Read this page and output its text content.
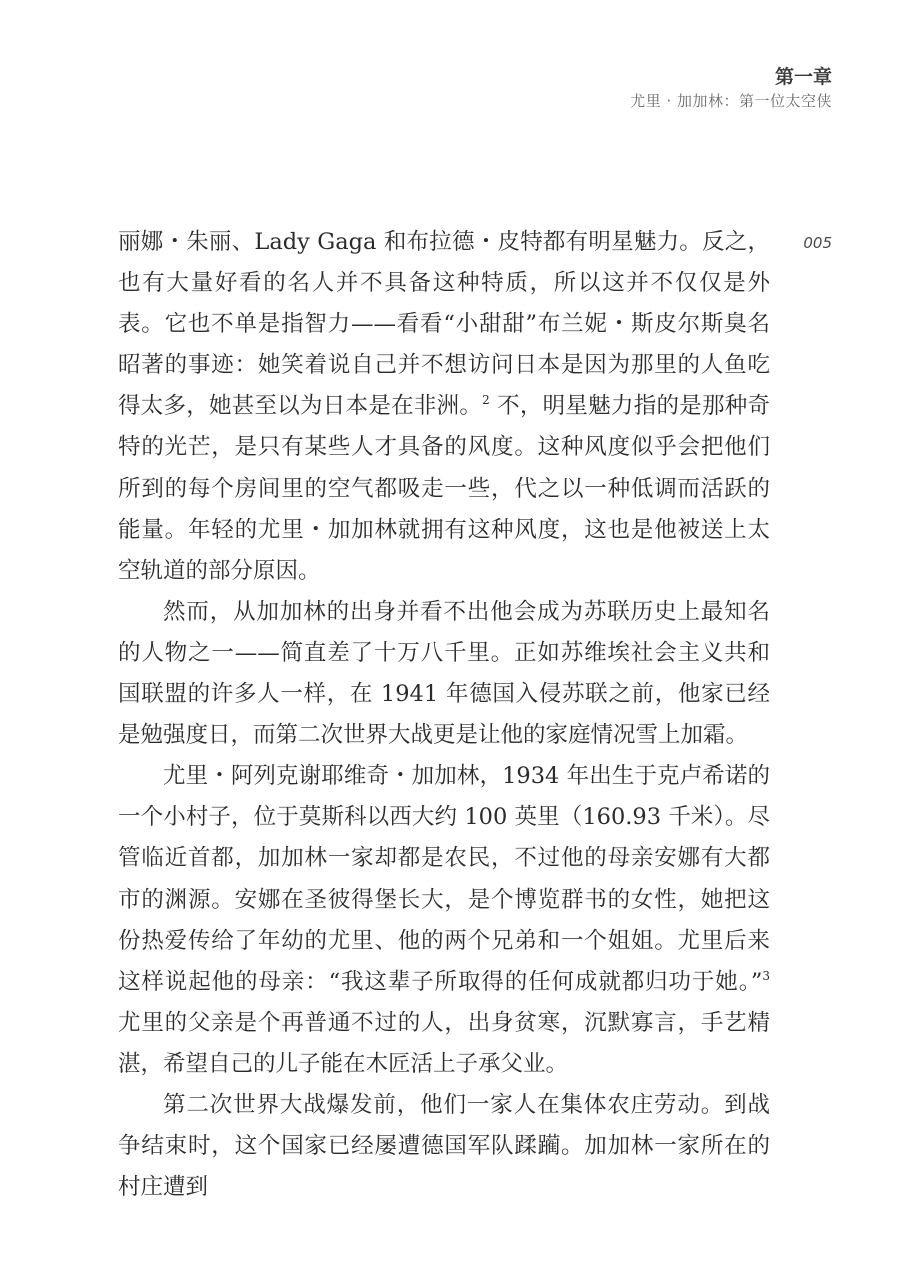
第一章
尤里 · 加加林：第一位太空侠
005

丽娜・朱丽、Lady Gaga 和布拉德・皮特都有明星魅力。反之，也有大量好看的名人并不具备这种特质，所以这并不仅仅是外表。它也不单是指智力——看看“小甜甜”布兰妮・斯皮尔斯臭名昭著的事迹：她笑着说自己并不想访问日本是因为那里的人鱼吃得太多，她甚至以为日本是在非洲。$^2$ 不，明星魅力指的是那种奇特的光芒，是只有某些人才具备的风度。这种风度似乎会把他们所到的每个房间里的空气都吸走一些，代之以一种低调而活跃的能量。年轻的尤里・加加林就拥有这种风度，这也是他被送上太空轨道的部分原因。

然而，从加加林的出身并看不出他会成为苏联历史上最知名的人物之一——简直差了十万八千里。正如苏维埃社会主义共和国联盟的许多人一样，在 1941 年德国入侵苏联之前，他家已经是勉强度日，而第二次世界大战更是让他的家庭情况雪上加霜。

尤里・阿列克谢耶维奇・加加林，1934 年出生于克卢希诺的一个小村子，位于莫斯科以西大约 100 英里（160.93 千米）。尽管临近首都，加加林一家却都是农民，不过他的母亲安娜有大都市的渊源。安娜在圣彼得堡长大，是个博览群书的女性，她把这份热爱传给了年幼的尤里、他的两个兄弟和一个姐姐。尤里后来这样说起他的母亲：“我这辈子所取得的任何成就都归功于她。”$^3$ 尤里的父亲是个再普通不过的人，出身贫寒，沉默寡言，手艺精湛，希望自己的儿子能在木匠活上子承父业。

第二次世界大战爆发前，他们一家人在集体农庄劳动。到战争结束时，这个国家已经屡遭德国军队蹂躏。加加林一家所在的村庄遭到
